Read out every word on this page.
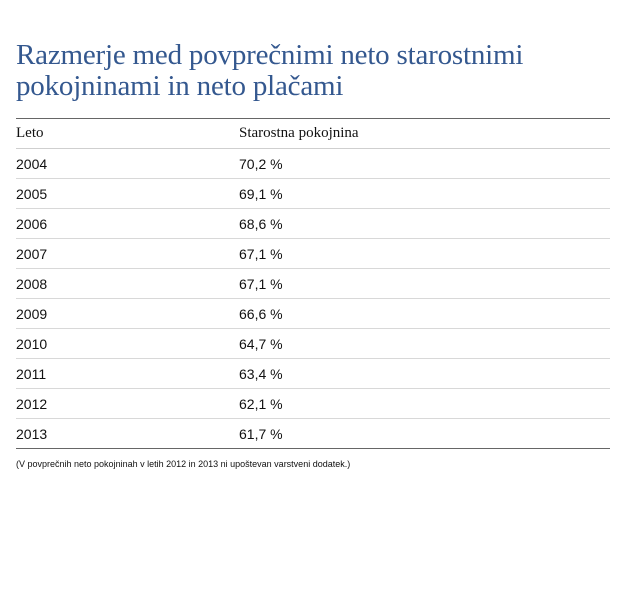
Razmerje med povprečnimi neto starostnimi pokojninami in neto plačami
Leto	Starostna pokojnina
2004	70,2 %
2005	69,1 %
2006	68,6 %
2007	67,1 %
2008	67,1 %
2009	66,6 %
2010	64,7 %
2011	63,4 %
2012	62,1 %
2013	61,7 %
(V povprečnih neto pokojninah v letih 2012 in 2013 ni upoštevan varstveni dodatek.)
